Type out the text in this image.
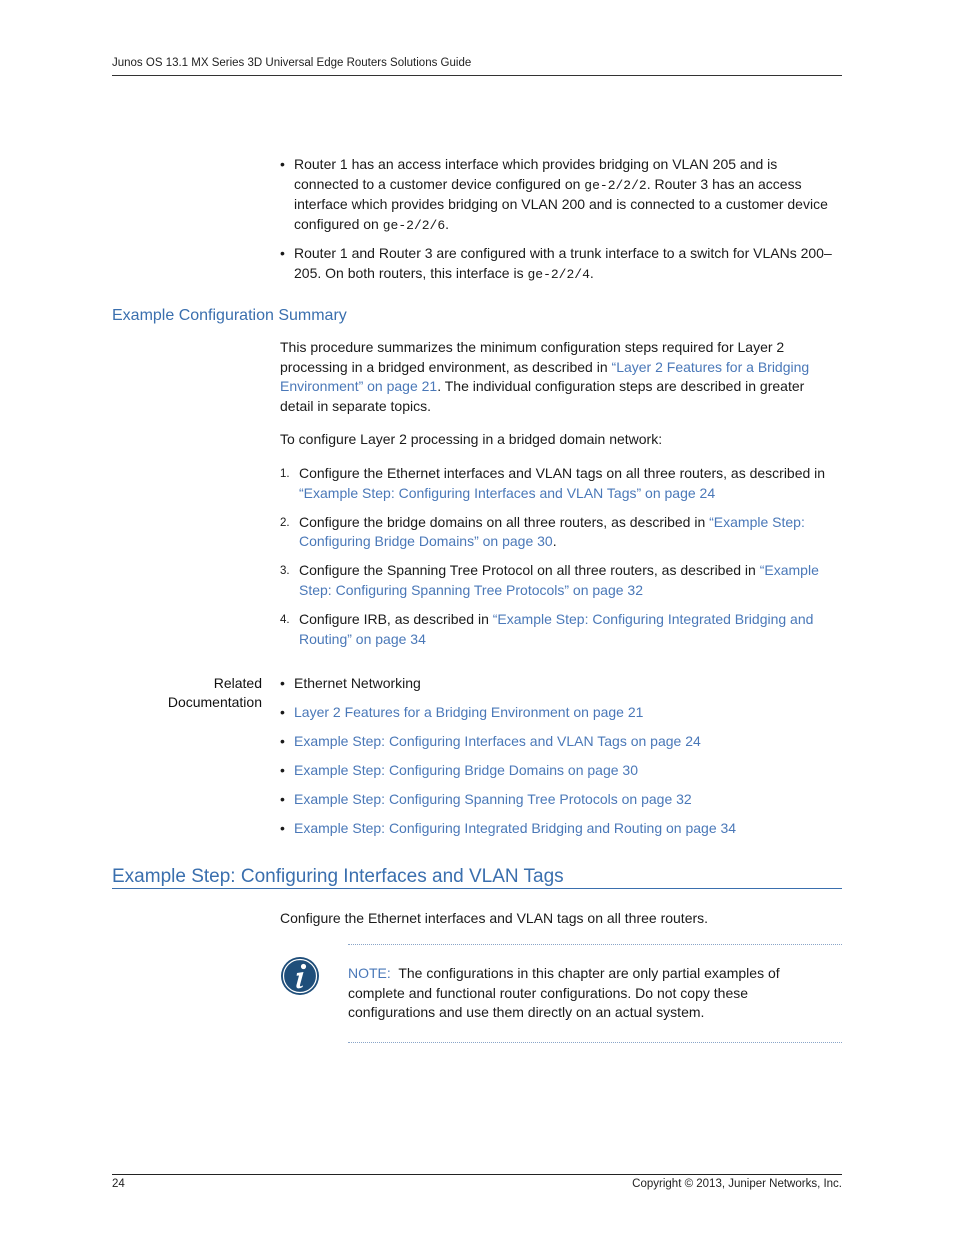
Junos OS 13.1 MX Series 3D Universal Edge Routers Solutions Guide
• Router 1 has an access interface which provides bridging on VLAN 205 and is connected to a customer device configured on ge-2/2/2. Router 3 has an access interface which provides bridging on VLAN 200 and is connected to a customer device configured on ge-2/2/6.
• Router 1 and Router 3 are configured with a trunk interface to a switch for VLANs 200–205. On both routers, this interface is ge-2/2/4.
Example Configuration Summary
This procedure summarizes the minimum configuration steps required for Layer 2 processing in a bridged environment, as described in “Layer 2 Features for a Bridging Environment” on page 21. The individual configuration steps are described in greater detail in separate topics.
To configure Layer 2 processing in a bridged domain network:
1. Configure the Ethernet interfaces and VLAN tags on all three routers, as described in “Example Step: Configuring Interfaces and VLAN Tags” on page 24
2. Configure the bridge domains on all three routers, as described in “Example Step: Configuring Bridge Domains” on page 30.
3. Configure the Spanning Tree Protocol on all three routers, as described in “Example Step: Configuring Spanning Tree Protocols” on page 32
4. Configure IRB, as described in “Example Step: Configuring Integrated Bridging and Routing” on page 34
Related
Documentation
• Ethernet Networking
• Layer 2 Features for a Bridging Environment on page 21
• Example Step: Configuring Interfaces and VLAN Tags on page 24
• Example Step: Configuring Bridge Domains on page 30
• Example Step: Configuring Spanning Tree Protocols on page 32
• Example Step: Configuring Integrated Bridging and Routing on page 34
Example Step: Configuring Interfaces and VLAN Tags
Configure the Ethernet interfaces and VLAN tags on all three routers.
NOTE: The configurations in this chapter are only partial examples of complete and functional router configurations. Do not copy these configurations and use them directly on an actual system.
24	Copyright © 2013, Juniper Networks, Inc.
